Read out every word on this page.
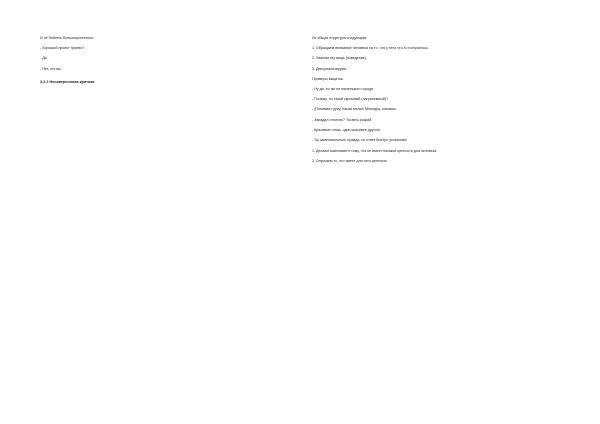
И не бойтесь бытьонкрогенного:

- Хороший проект принес?

- Да.

- Нет, что вы.

3.2.2 Неозвереннная критика

Их общая структура следующая:

1. Обращаем внимание человека на то, что у него что-то получилось.

2. Хвалим эту вещь (поведение).

3. Дикориализируем.

Примеры защиток:

- Ну да, ты же не маленького города

- Почему, ты такой скромный (нагрянемный)?

- (Понимает руку) Какая мелко! Молодец, мальчик.

- Западал отлично? Ты весь рыжий.

- Красивые глаза, один красивее другого.

- Ты замечательных, правда, но ответ быстро успешных!

1. Делаем комплимент тому, что не имеет никакой ценности для человека.

2. Опускаем то, что имеет для него ценность
